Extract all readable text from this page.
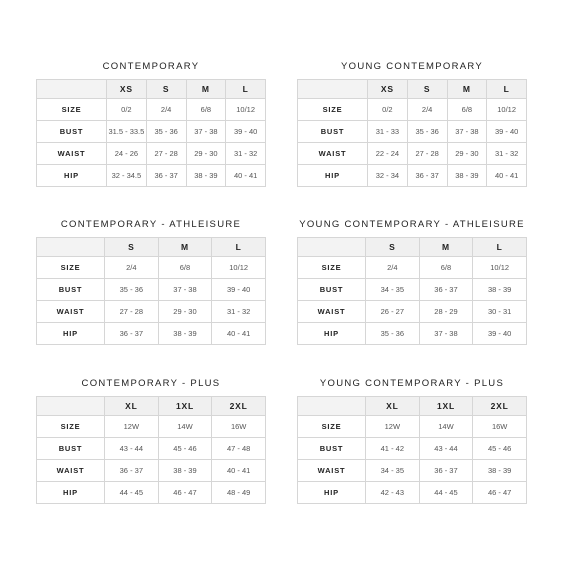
CONTEMPORARY
	XS	S	M	L
SIZE	0/2	2/4	6/8	10/12
BUST	31.5 - 33.5	35 - 36	37 - 38	39 - 40
WAIST	24 - 26	27 - 28	29 - 30	31 - 32
HIP	32 - 34.5	36 - 37	38 - 39	40 - 41
YOUNG CONTEMPORARY
	XS	S	M	L
SIZE	0/2	2/4	6/8	10/12
BUST	31 - 33	35 - 36	37 - 38	39 - 40
WAIST	22 - 24	27 - 28	29 - 30	31 - 32
HIP	32 - 34	36 - 37	38 - 39	40 - 41
CONTEMPORARY - ATHLEISURE
	S	M	L
SIZE	2/4	6/8	10/12
BUST	35 - 36	37 - 38	39 - 40
WAIST	27 - 28	29 - 30	31 - 32
HIP	36 - 37	38 - 39	40 - 41
YOUNG CONTEMPORARY - ATHLEISURE
	S	M	L
SIZE	2/4	6/8	10/12
BUST	34 - 35	36 - 37	38 - 39
WAIST	26 - 27	28 - 29	30 - 31
HIP	35 - 36	37 - 38	39 - 40
CONTEMPORARY - PLUS
	XL	1XL	2XL
SIZE	12W	14W	16W
BUST	43 - 44	45 - 46	47 - 48
WAIST	36 - 37	38 - 39	40 - 41
HIP	44 - 45	46 - 47	48 - 49
YOUNG CONTEMPORARY - PLUS
	XL	1XL	2XL
SIZE	12W	14W	16W
BUST	41 - 42	43 - 44	45 - 46
WAIST	34 - 35	36 - 37	38 - 39
HIP	42 - 43	44 - 45	46 - 47
